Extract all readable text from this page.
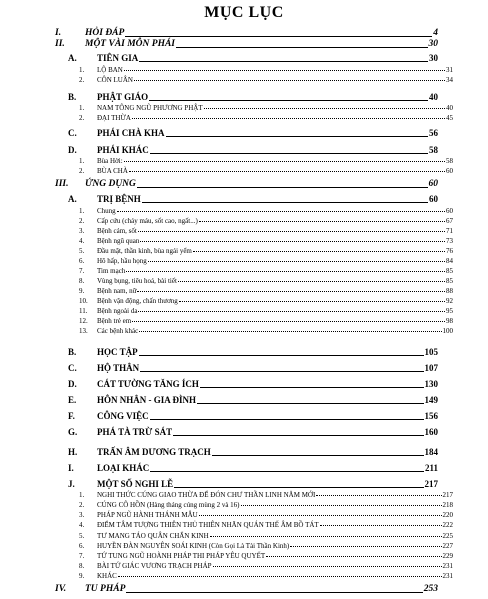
MỤC LỤC
I.	HỎI ĐÁP	4
II.	MỘT VÀI MÔN PHÁI	30
A.	TIÊN GIA	30
1.	LỘ BAN	31
2.	CÔN LUÂN	34
B.	PHẬT GIÁO	40
1.	NAM TÔNG NGŨ PHƯƠNG PHẬT	40
2.	ĐẠI THỪA	45
C.	PHÁI CHÀ KHA	56
D.	PHÁI KHÁC	58
1.	Bùa Hời:	58
2.	BÙA CHÀ	60
III.	ỨNG DỤNG	60
A.	TRỊ BỆNH	60
1.	Chung	60
2.	Cấp cứu (chảy máu, sốt cao, ngất...)	67
3.	Bệnh cảm, sốt	71
4.	Bệnh ngũ quan	73
5.	Đầu mặt, thần kinh, bùa ngải yểm	76
6.	Hô hấp, hầu họng	84
7.	Tim mạch	85
8.	Vùng bụng, tiêu hoá, bài tiết	85
9.	Bệnh nam, nữ	88
10.	Bệnh vận động, chấn thương	92
11.	Bệnh ngoài da	95
12.	Bệnh trẻ em	98
13.	Các bệnh khác	100
B.	HỌC TẬP	105
C.	HỘ THÂN	107
D.	CÁT TƯỜNG TĂNG ÍCH	130
E.	HÔN NHÂN - GIA ĐÌNH	149
F.	CÔNG VIỆC	156
G.	PHÁ TÀ TRỪ SÁT	160
H.	TRẤN ÂM DƯƠNG TRẠCH	184
I.	LOẠI KHÁC	211
J.	MỘT SỐ NGHI LỄ	217
1.	NGHI THỨC CÚNG GIAO THỪA ĐỂ ĐÓN CHƯ THẦN LINH NĂM MỚI	217
2.	CÚNG CÔ HỒN (Hàng tháng cúng mùng 2 và 16)	218
3.	PHÁP NGŨ HÀNH THÁNH MẪU	220
4.	ĐIỂM TÂM TƯỢNG THIÊN THỦ THIÊN NHÃN QUÁN THẾ ÂM BỒ TÁT	222
5.	TƯ MANG TÁO QUÂN CHẨN KINH	225
6.	HUYỀN ĐÀN NGUYÊN SOÁI KINH (Còn Gọi Là Tài Thần Kinh)	227
7.	TỨ TUNG NGŨ HOÀNH PHÁP THI PHÁP YÊU QUYẾT	229
8.	BÀI TỨ GIÁC VƯƠNG TRẠCH PHÁP	231
9.	KHÁC	231
IV.	TU PHÁP	253
